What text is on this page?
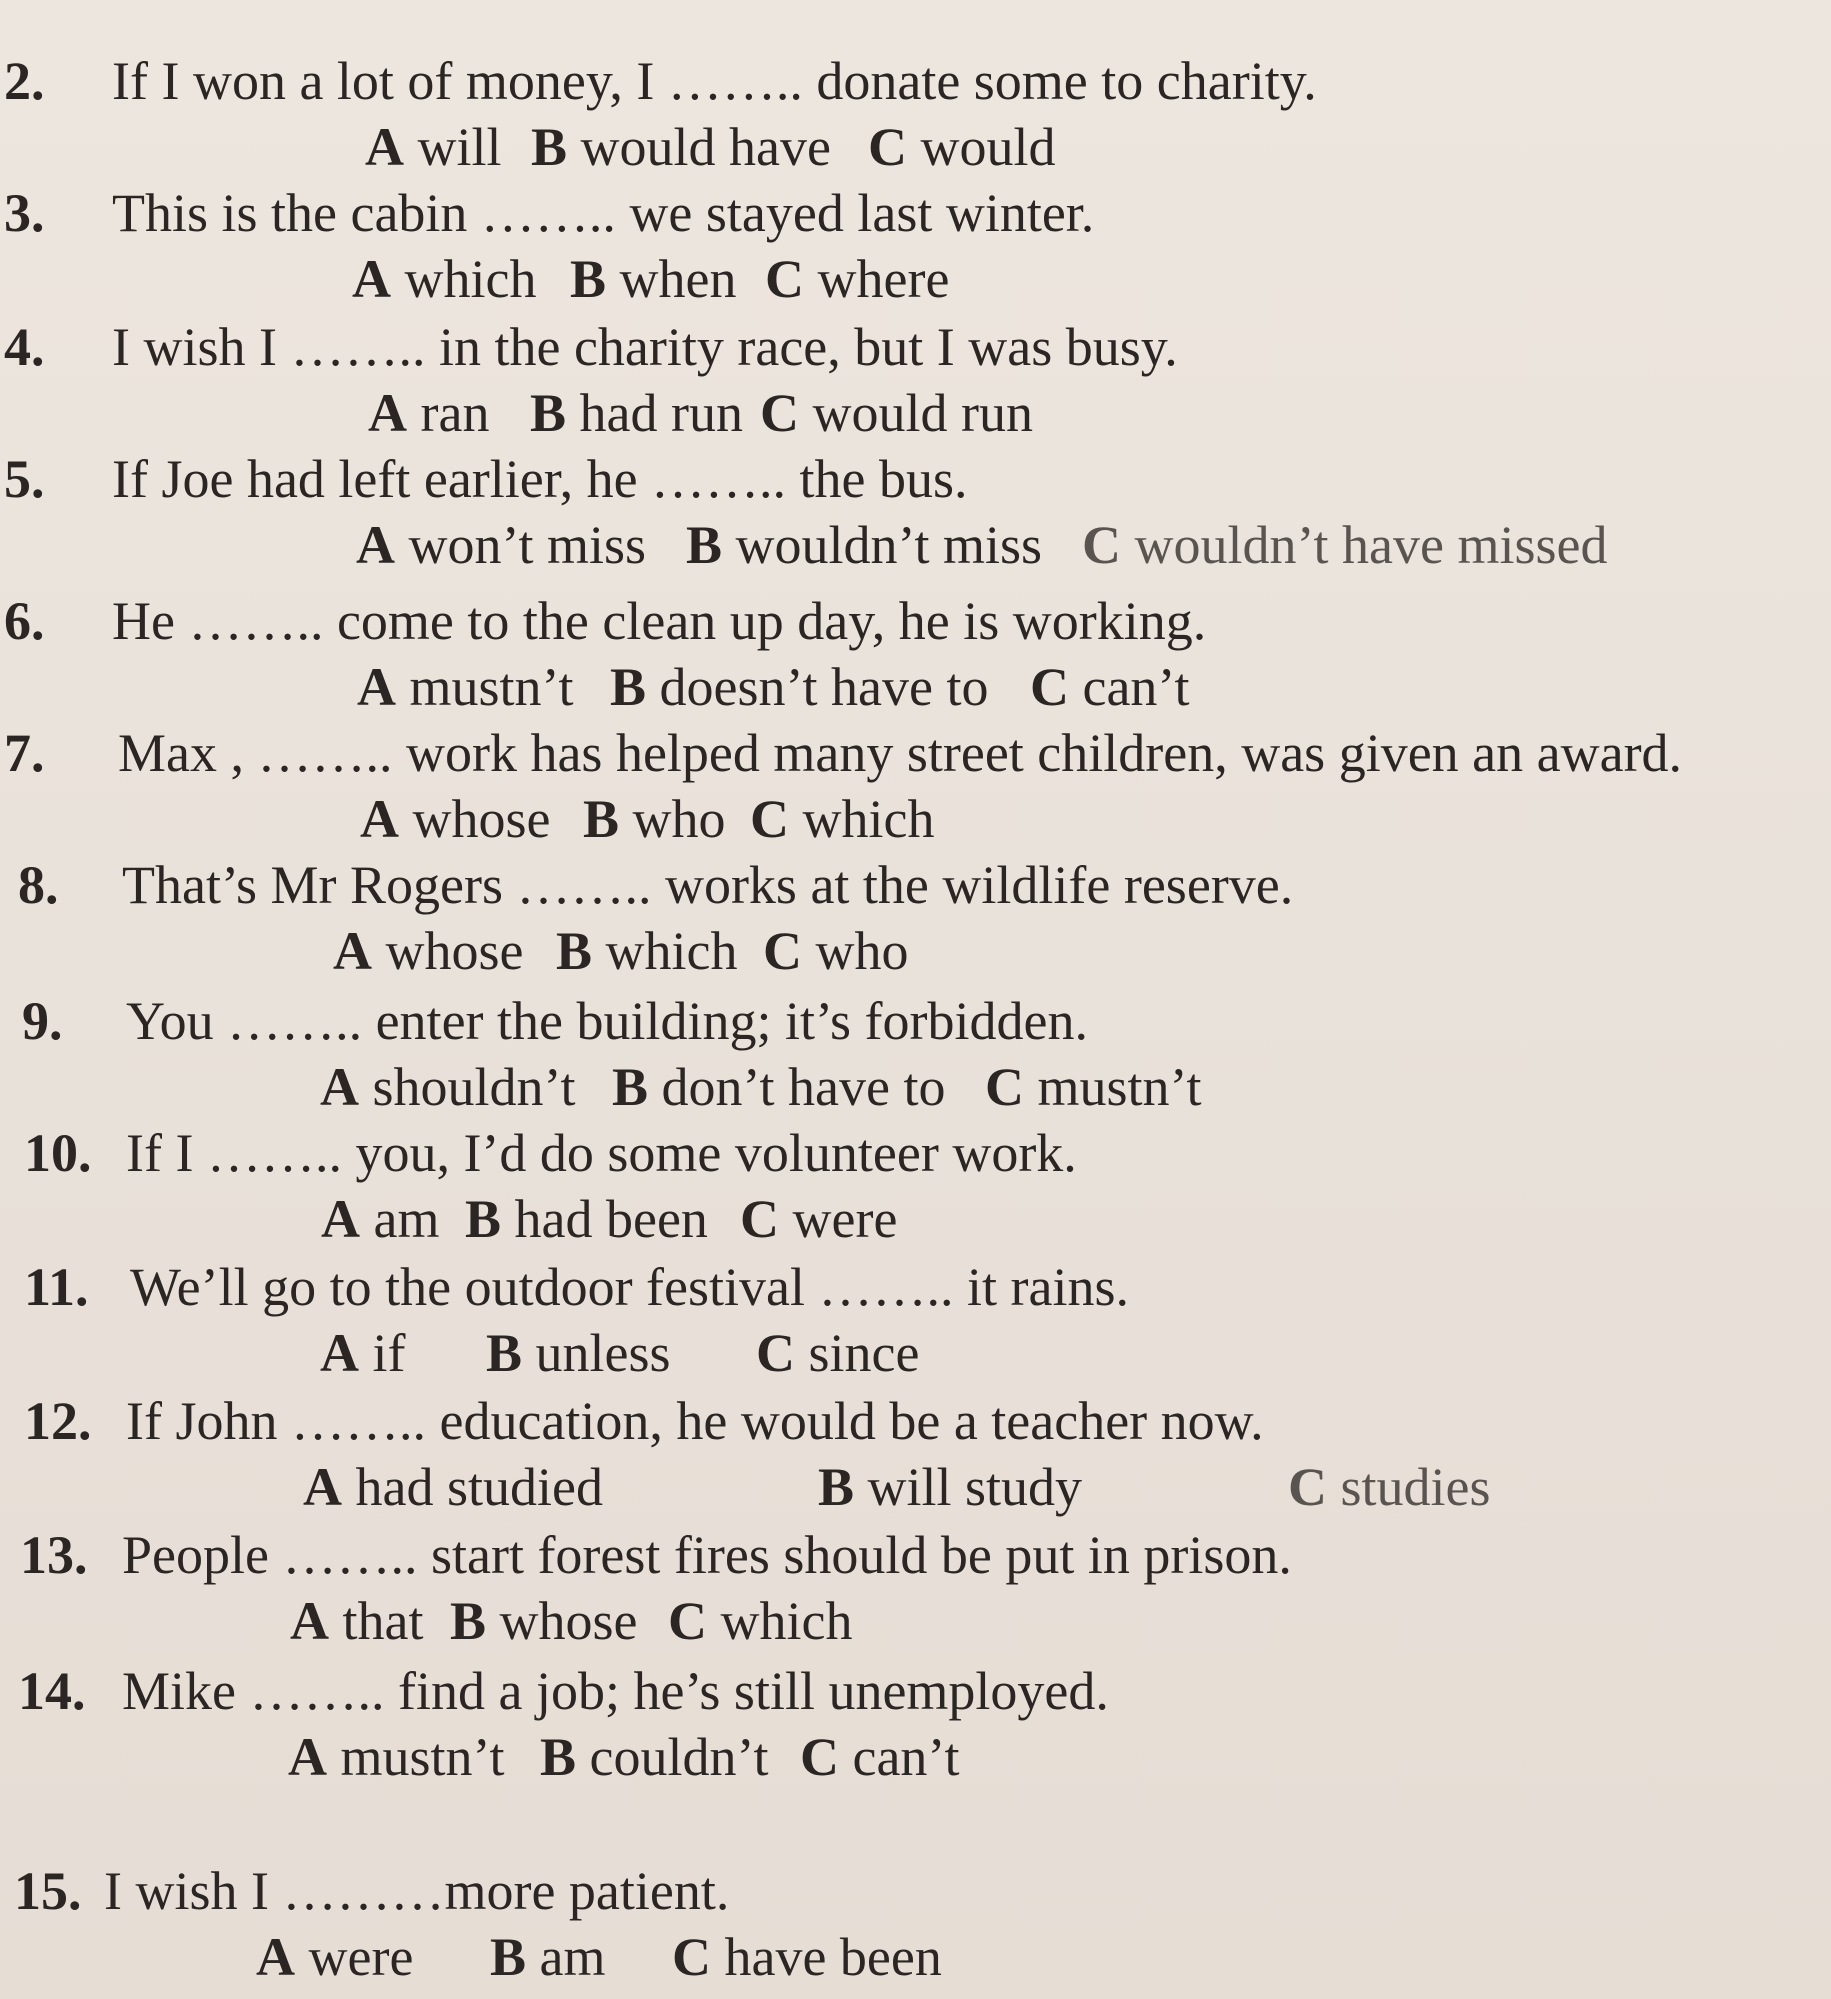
2. If I won a lot of money, I …….. donate some to charity.
A will B would have C would
3. This is the cabin …….. we stayed last winter.
A which B when C where
4. I wish I …….. in the charity race, but I was busy.
A ran B had run C would run
5. If Joe had left earlier, he …….. the bus.
A won’t miss B wouldn’t miss C wouldn’t have missed
6. He …….. come to the clean up day, he is working.
A mustn’t B doesn’t have to C can’t
7. Max , …….. work has helped many street children, was given an award.
A whose B who C which
8. That’s Mr Rogers …….. works at the wildlife reserve.
A whose B which C who
9. You …….. enter the building; it’s forbidden.
A shouldn’t B don’t have to C mustn’t
10. If I …….. you, I’d do some volunteer work.
A am B had been C were
11. We’ll go to the outdoor festival …….. it rains.
A if B unless C since
12. If John …….. education, he would be a teacher now.
A had studied	B will study	C studies
13. People …….. start forest fires should be put in prison.
A that B whose C which
14. Mike …….. find a job; he’s still unemployed.
A mustn’t B couldn’t C can’t
15. I wish I ………more patient.
A were B am C have been
